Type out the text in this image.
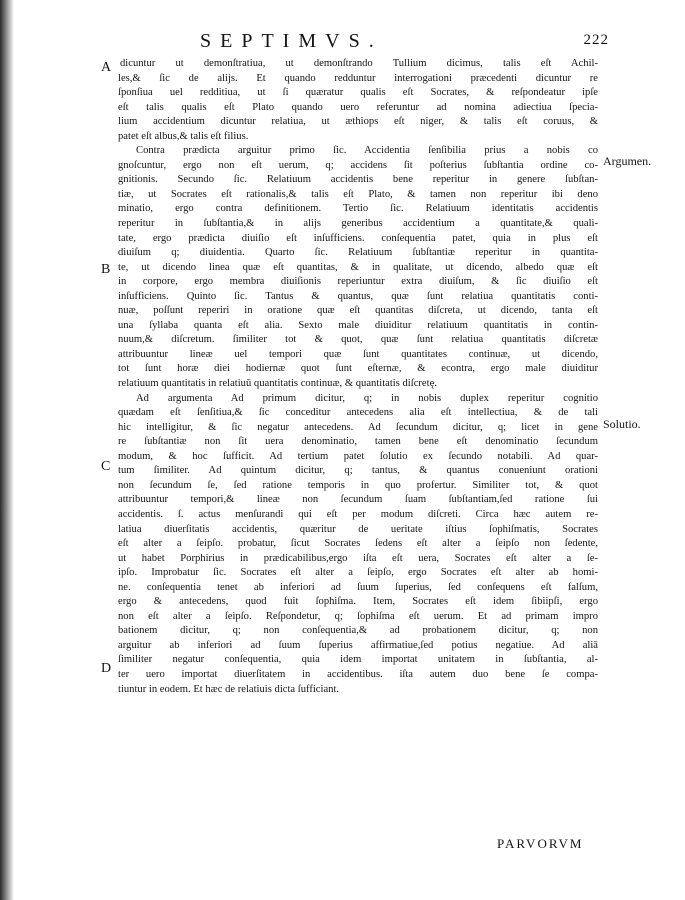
SEPTIMVS.	222
A
B
C
D
Argumen.
Solutio.
dicuntur ut demonſtratiua, ut demonſtrando Tullium dicimus, talis eſt Achil-
les,& ſic de alijs. Et quando redduntur interrogationi præcedenti dicuntur re
ſponſiua uel redditiua, ut ſi quæratur qualis eſt Socrates, & reſpondeatur ipſe
eſt talis qualis eſt Plato quando uero referuntur ad nomina adiectiua ſpecia-
lium accidentium dicuntur relatiua, ut æthiops eſt niger, & talis eſt coruus, &
patet eſt albus,& talis eſt filius.
Contra prædicta arguitur primo ſic. Accidentia ſenſibilia prius a nobis co
gnoſcuntur, ergo non eſt uerum, q; accidens ſit poſterius ſubſtantia ordine co-
gnitionis. Secundo ſic. Relatiuum accidentis bene reperitur in genere ſubſtan-
tiæ, ut Socrates eſt rationalis,& talis eſt Plato, & tamen non reperitur ibi deno
minatio, ergo contra definitionem. Tertio ſic. Relatiuum identitatis accidentis
reperitur in ſubſtantia,& in alijs generibus accidentium a quantitate,& quali-
tate, ergo prædicta diuiſio eſt inſufficiens. conſequentia patet, quia in plus eſt
diuiſum q; diuidentia. Quarto ſic. Relatiuum ſubſtantiæ reperitur in quantita-
te, ut dicendo linea quæ eſt quantitas, & in qualitate, ut dicendo, albedo quæ eſt
in corpore, ergo membra diuiſionis reperiuntur extra diuiſum, & ſic diuiſio eſt
inſufficiens. Quinto ſic. Tantus & quantus, quæ ſunt relatiua quantitatis conti-
nuæ, poſſunt reperiri in oratione quæ eſt quantitas diſcreta, ut dicendo, tanta eſt
una ſyllaba quanta eſt alia. Sexto male diuiditur relatiuum quantitatis in contin-
nuum,& diſcretum. ſimiliter tot & quot, quæ ſunt relatiua quantitatis diſcretæ
attribuuntur lineæ uel tempori quæ ſunt quantitates continuæ, ut dicendo,
tot ſunt horæ diei hodiernæ quot ſunt eſternæ, & econtra, ergo male diuiditur
relatiuum quantitatis in relatiuū quantitatis continuæ, & quantitatis diſcretę.
Ad argumenta Ad primum dicitur, q; in nobis duplex reperitur cognitio
quædam eſt ſenſitiua,& ſic conceditur antecedens alia eſt intellectiua, & de tali
hic intelligitur, & ſic negatur antecedens. Ad ſecundum dicitur, q; licet in gene
re ſubſtantiæ non ſit uera denominatio, tamen bene eſt denominatio ſecundum
modum, & hoc ſufficit. Ad tertium patet ſolutio ex ſecundo notabili. Ad quar-
tum ſimiliter. Ad quintum dicitur, q; tantus, & quantus conueniunt orationi
non ſecundum ſe, ſed ratione temporis in quo profertur. Similiter tot, & quot
attribuuntur tempori,& lineæ non ſecundum ſuam ſubſtantiam,ſed ratione ſui
accidentis. ſ. actus menſurandi qui eſt per modum diſcreti. Circa hæc autem re-
latiua diuerſitatis accidentis, quæritur de ueritate iſtius ſophiſmatis, Socrates
eſt alter a ſeipſo. probatur, ſicut Socrates ſedens eſt alter a ſeipſo non ſedente,
ut habet Porphirius in prædicabilibus,ergo iſta eſt uera, Socrates eſt alter a ſe-
ipſo. Improbatur ſic. Socrates eſt alter a ſeipſo, ergo Socrates eſt alter ab homi-
ne. conſequentia tenet ab inferiori ad ſuum ſuperius, ſed conſequens eſt falſum,
ergo & antecedens, quod fuit ſophiſma. Item, Socrates eſt idem ſibiipſi, ergo
non eſt alter a ſeipſo. Reſpondetur, q; ſophiſma eſt uerum. Et ad primam impro
bationem dicitur, q; non conſequentia,& ad probationem dicitur, q; non
arguitur ab inferiori ad ſuum ſuperius affirmatiue,ſed potius negatiue. Ad aliā
ſimiliter negatur conſequentia, quia idem importat unitatem in ſubſtantia, al-
ter uero importat diuerſitatem in accidentibus. iſta autem duo bene ſe compa-
tiuntur in eodem. Et hæc de relatiuis dicta ſufficiant.
PARVORVM
